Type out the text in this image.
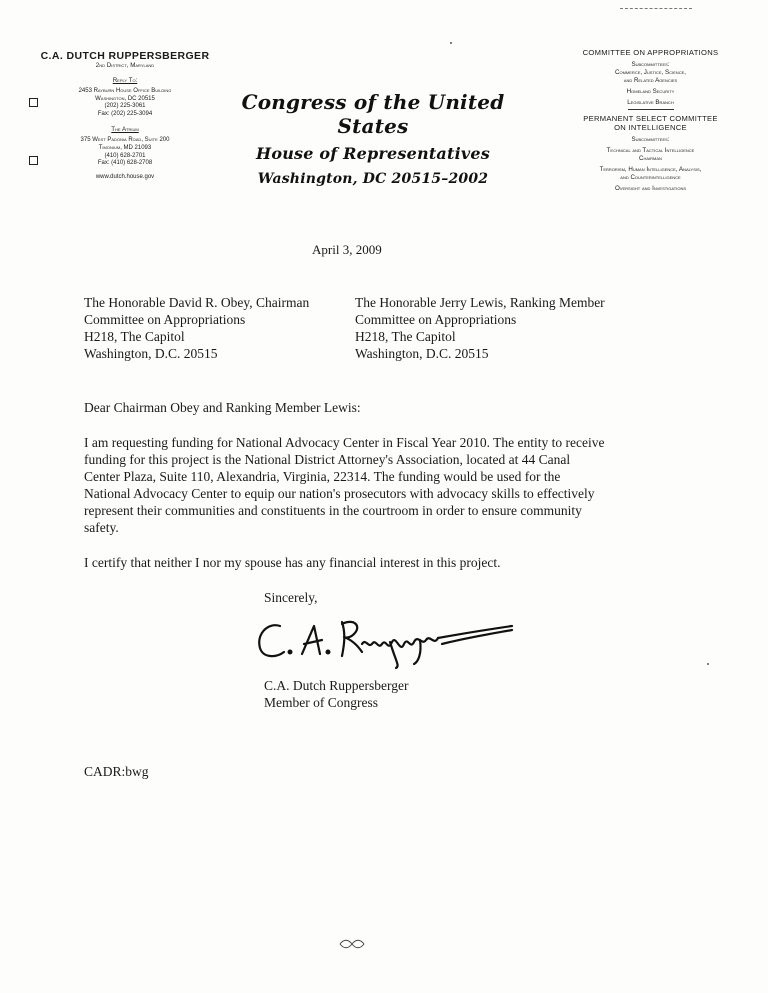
C.A. DUTCH RUPPERSBERGER
2nd District, Maryland
Reply To:
2453 Rayburn House Office Building
Washington, DC 20515
(202) 225-3061
Fax: (202) 225-3094
The Atrium
375 West Padonia Road, Suite 200
Timonium, MD 21093
(410) 628-2701
Fax: (410) 628-2708
www.dutch.house.gov
Congress of the United States
House of Representatives
Washington, DC 20515–2002
COMMITTEE ON APPROPRIATIONS
Subcommittees:
Commerce, Justice, Science,
and Related Agencies
Homeland Security
Legislative Branch
PERMANENT SELECT COMMITTEE
ON INTELLIGENCE
Subcommittees:
Technical and Tactical Intelligence
Chairman
Terrorism, Human Intelligence, Analysis,
and Counterintelligence
Oversight and Investigations
April 3, 2009
The Honorable David R. Obey, Chairman
Committee on Appropriations
H218, The Capitol
Washington, D.C. 20515
The Honorable Jerry Lewis, Ranking Member
Committee on Appropriations
H218, The Capitol
Washington, D.C. 20515
Dear Chairman Obey and Ranking Member Lewis:
I am requesting funding for National Advocacy Center in Fiscal Year 2010. The entity to receive
funding for this project is the National District Attorney's Association, located at 44 Canal
Center Plaza, Suite 110, Alexandria, Virginia, 22314. The funding would be used for the
National Advocacy Center to equip our nation's prosecutors with advocacy skills to effectively
represent their communities and constituents in the courtroom in order to ensure community
safety.
I certify that neither I nor my spouse has any financial interest in this project.
Sincerely,
C.A. Dutch Ruppersberger
Member of Congress
CADR:bwg
